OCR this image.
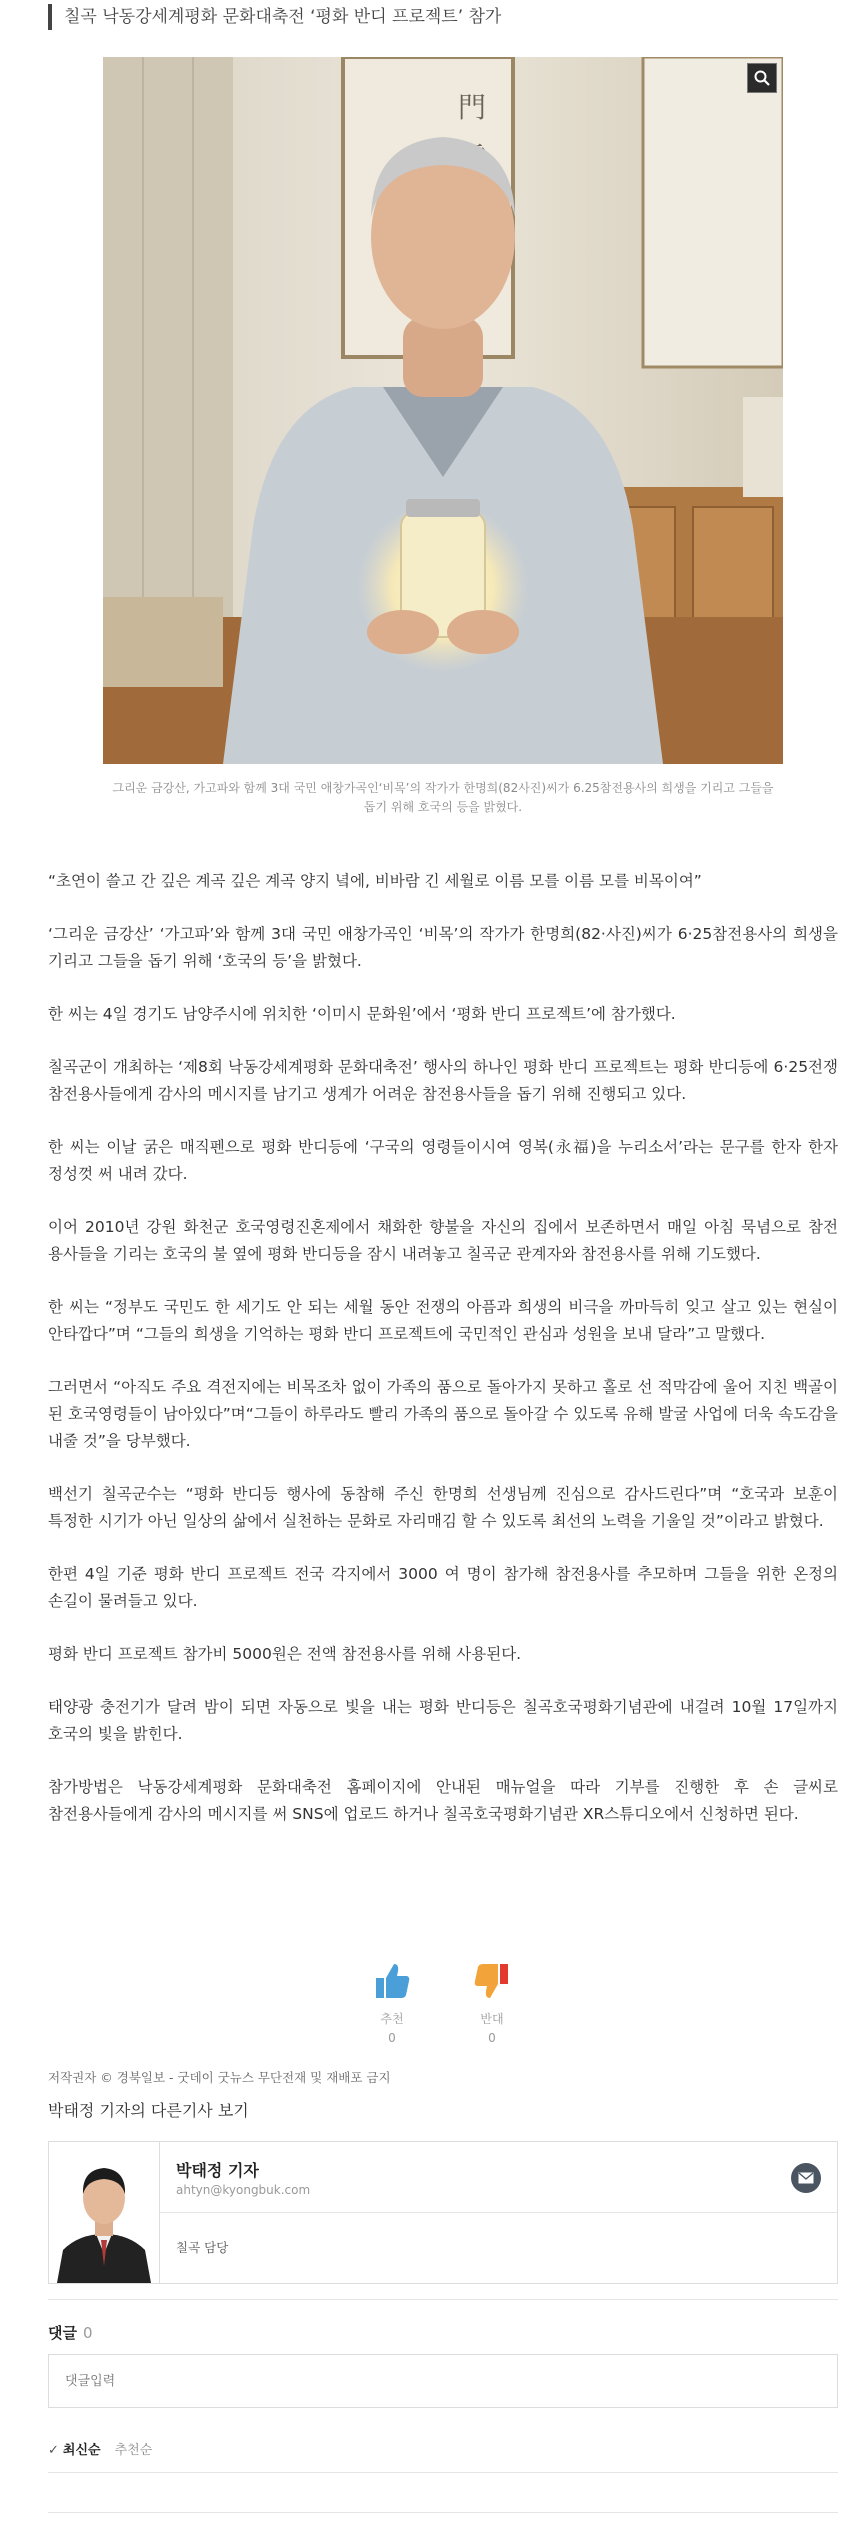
칠곡 낙동강세계평화 문화대축전 ‘평화 반디 프로젝트’ 참가
門
그리운 금강산, 가고파와 함께 3대 국민 애창가곡인‘비목’의 작가가 한명희(82사진)씨가 6.25참전용사의 희생을 기리고 그들을
돕기 위해 호국의 등을 밝혔다.

“초연이 쓸고 간 깊은 계곡 깊은 계곡 양지 녘에, 비바람 긴 세월로 이름 모를 이름 모를 비목이여”

‘그리운 금강산’ ‘가고파’와 함께 3대 국민 애창가곡인 ‘비목’의 작가가 한명희(82·사진)씨가 6·25참전용사의 희생을 기리고 그들을 돕기 위해 ‘호국의 등’을 밝혔다.

한 씨는 4일 경기도 남양주시에 위치한 ‘이미시 문화원’에서 ‘평화 반디 프로젝트’에 참가했다.

칠곡군이 개최하는 ‘제8회 낙동강세계평화 문화대축전’ 행사의 하나인 평화 반디 프로젝트는 평화 반디등에 6·25전쟁 참전용사들에게 감사의 메시지를 남기고 생계가 어려운 참전용사들을 돕기 위해 진행되고 있다.

한 씨는 이날 굵은 매직펜으로 평화 반디등에 ‘구국의 영령들이시여 영복(永福)을 누리소서’라는 문구를 한자 한자 정성껏 써 내려 갔다.

이어 2010년 강원 화천군 호국영령진혼제에서 채화한 향불을 자신의 집에서 보존하면서 매일 아침 묵념으로 참전 용사들을 기리는 호국의 불 옆에 평화 반디등을 잠시 내려놓고 칠곡군 관계자와 참전용사를 위해 기도했다.

한 씨는 “정부도 국민도 한 세기도 안 되는 세월 동안 전쟁의 아픔과 희생의 비극을 까마득히 잊고 살고 있는 현실이 안타깝다”며 “그들의 희생을 기억하는 평화 반디 프로젝트에 국민적인 관심과 성원을 보내 달라”고 말했다.

그러면서 “아직도 주요 격전지에는 비목조차 없이 가족의 품으로 돌아가지 못하고 홀로 선 적막감에 울어 지친 백골이 된 호국영령들이 남아있다”며“그들이 하루라도 빨리 가족의 품으로 돌아갈 수 있도록 유해 발굴 사업에 더욱 속도감을 내줄 것”을 당부했다.

백선기 칠곡군수는 “평화 반디등 행사에 동참해 주신 한명희 선생님께 진심으로 감사드린다”며 “호국과 보훈이 특정한 시기가 아닌 일상의 삶에서 실천하는 문화로 자리매김 할 수 있도록 최선의 노력을 기울일 것”이라고 밝혔다.

한편 4일 기준 평화 반디 프로젝트 전국 각지에서 3000 여 명이 참가해 참전용사를 추모하며 그들을 위한 온정의 손길이 물려들고 있다.

평화 반디 프로젝트 참가비 5000원은 전액 참전용사를 위해 사용된다.

태양광 충전기가 달려 밤이 되면 자동으로 빛을 내는 평화 반디등은 칠곡호국평화기념관에 내걸려 10월 17일까지 호국의 빛을 밝힌다.

참가방법은 낙동강세계평화 문화대축전 홈페이지에 안내된 매뉴얼을 따라 기부를 진행한 후 손 글씨로 참전용사들에게 감사의 메시지를 써 SNS에 업로드 하거나 칠곡호국평화기념관 XR스튜디오에서 신청하면 된다.

추천
0
반대
0
저작권자 © 경북일보 - 굿데이 굿뉴스 무단전재 및 재배포 금지
박태정 기자의 다른기사 보기
박태정 기자
ahtyn@kyongbuk.com
칠곡 담당
댓글 0
댓글입력
✓ 최신순 추천순
